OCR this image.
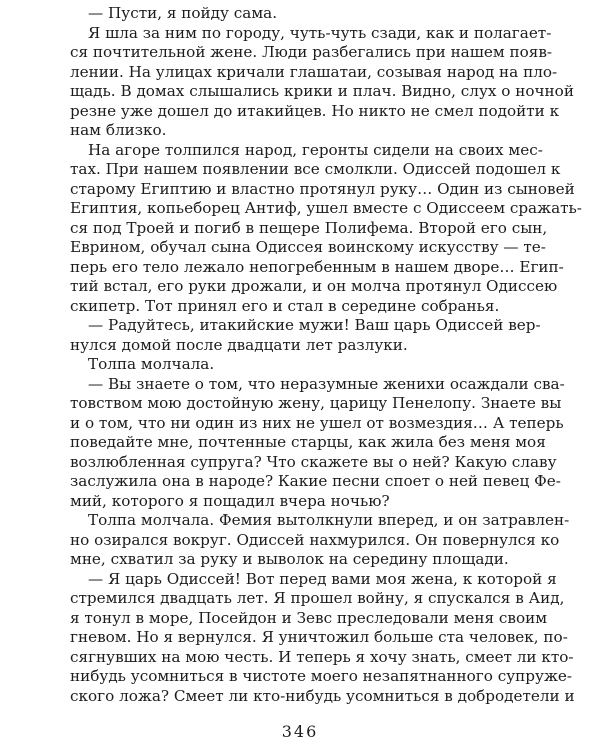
— Пусти, я пойду сама.
Я шла за ним по городу, чуть-чуть сзади, как и полагает-
ся почтительной жене. Люди разбегались при нашем появ-
лении. На улицах кричали глашатаи, созывая народ на пло-
щадь. В домах слышались крики и плач. Видно, слух о ночной
резне уже дошел до итакийцев. Но никто не смел подойти к
нам близко.
На агоре толпился народ, геронты сидели на своих мес-
тах. При нашем появлении все смолкли. Одиссей подошел к
старому Египтию и властно протянул руку… Один из сыновей
Египтия, копьеборец Антиф, ушел вместе с Одиссеем сражать-
ся под Троей и погиб в пещере Полифема. Второй его сын,
Еврином, обучал сына Одиссея воинскому искусству — те-
перь его тело лежало непогребенным в нашем дворе… Егип-
тий встал, его руки дрожали, и он молча протянул Одиссею
скипетр. Тот принял его и стал в середине собранья.
— Радуйтесь, итакийские мужи! Ваш царь Одиссей вер-
нулся домой после двадцати лет разлуки.
Толпа молчала.
— Вы знаете о том, что неразумные женихи осаждали сва-
товством мою достойную жену, царицу Пенелопу. Знаете вы
и о том, что ни один из них не ушел от возмездия… А теперь
поведайте мне, почтенные старцы, как жила без меня моя
возлюбленная супруга? Что скажете вы о ней? Какую славу
заслужила она в народе? Какие песни споет о ней певец Фе-
мий, которого я пощадил вчера ночью?
Толпа молчала. Фемия вытолкнули вперед, и он затравлен-
но озирался вокруг. Одиссей нахмурился. Он повернулся ко
мне, схватил за руку и выволок на середину площади.
— Я царь Одиссей! Вот перед вами моя жена, к которой я
стремился двадцать лет. Я прошел войну, я спускался в Аид,
я тонул в море, Посейдон и Зевс преследовали меня своим
гневом. Но я вернулся. Я уничтожил больше ста человек, по-
сягнувших на мою честь. И теперь я хочу знать, смеет ли кто-
нибудь усомниться в чистоте моего незапятнанного супруже-
ского ложа? Смеет ли кто-нибудь усомниться в добродетели и
346
